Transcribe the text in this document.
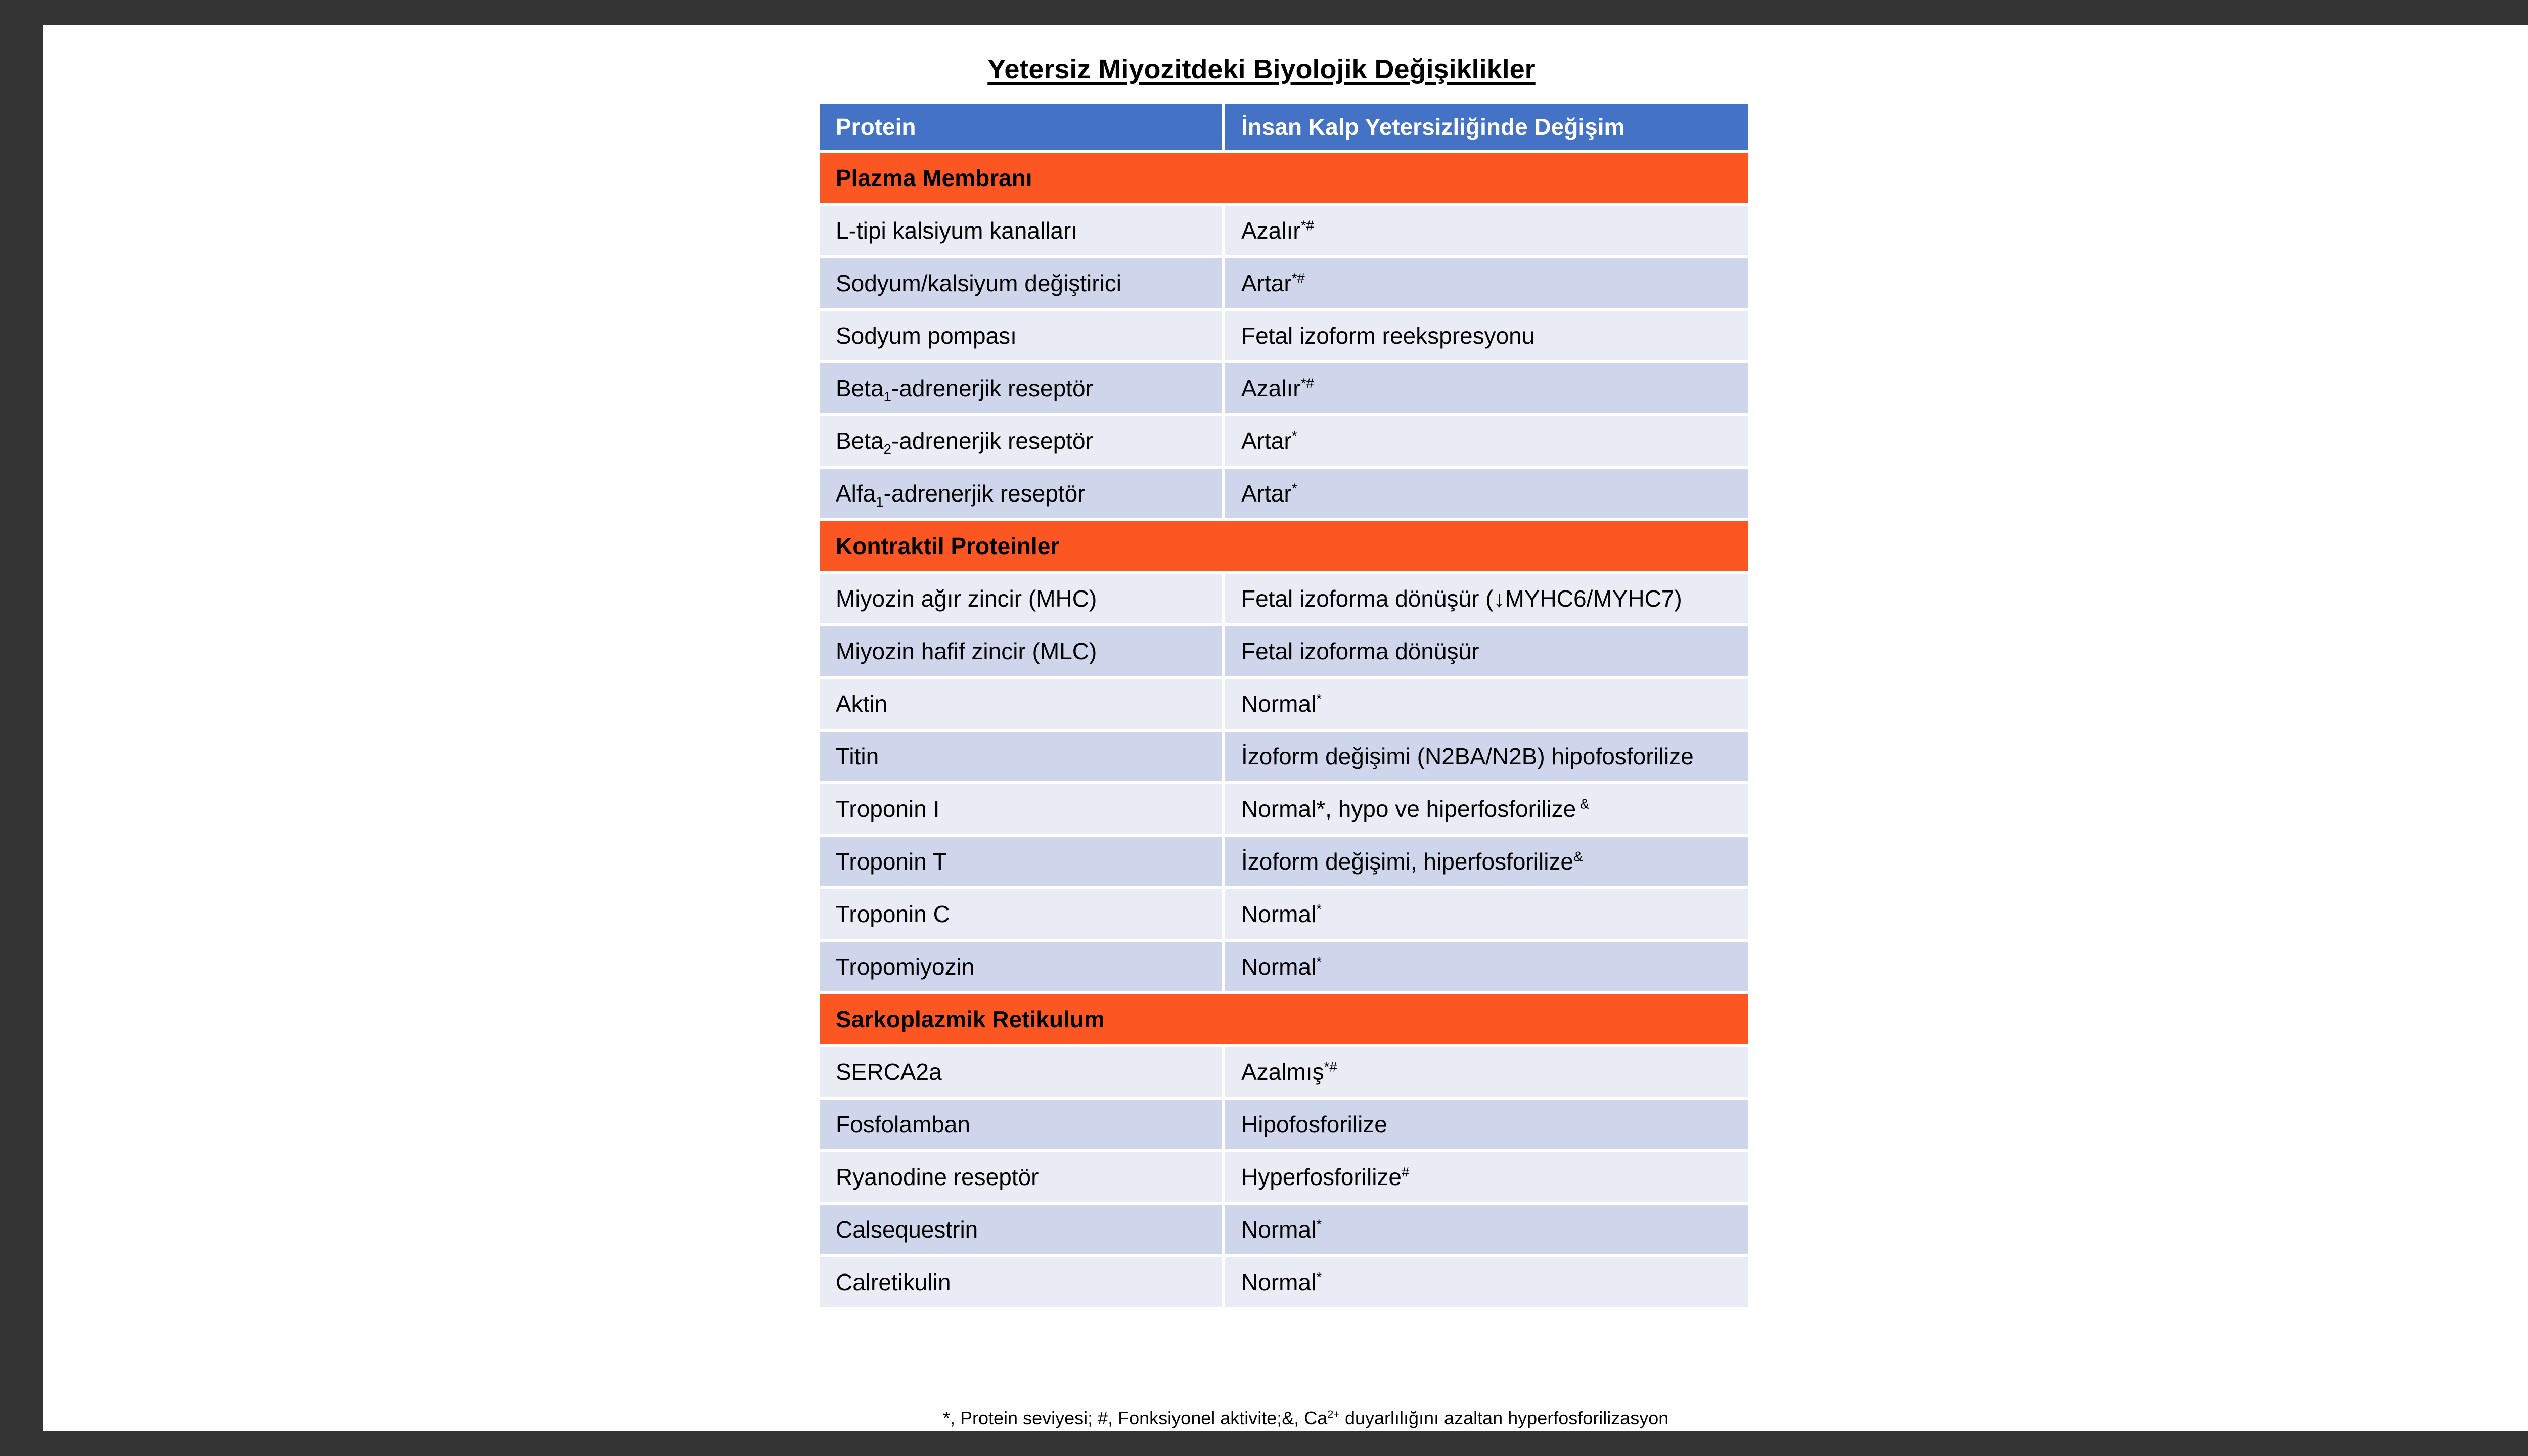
Yetersiz Miyozitdeki Biyolojik Değişiklikler
Protein	İnsan Kalp Yetersizliğinde Değişim
Plazma Membranı	
L-tipi kalsiyum kanalları	Azalır*#
Sodyum/kalsiyum değiştirici	Artar*#
Sodyum pompası	Fetal izoform reekspresyonu
Beta$_1$-adrenerjik reseptör	Azalır*#
Beta$_2$-adrenerjik reseptör	Artar*
Alfa$_1$-adrenerjik reseptör	Artar*
Kontraktil Proteinler	
Miyozin ağır zincir (MHC)	Fetal izoforma dönüşür (↓MYHC6/MYHC7)
Miyozin hafif zincir (MLC)	Fetal izoforma dönüşür
Aktin	Normal*
Titin	İzoform değişimi (N2BA/N2B) hipofosforilize
Troponin I	Normal*, hypo ve hiperfosforilize &
Troponin T	İzoform değişimi, hiperfosforilize&
Troponin C	Normal*
Tropomiyozin	Normal*
Sarkoplazmik Retikulum	
SERCA2a	Azalmış*#
Fosfolamban	Hipofosforilize
Ryanodine reseptör	Hyperfosforilize#
Calsequestrin	Normal*
Calretikulin	Normal*
*, Protein seviyesi; #, Fonksiyonel aktivite;&, $Ca^{2+}$ duyarlılığını azaltan hyperfosforilizasyon
